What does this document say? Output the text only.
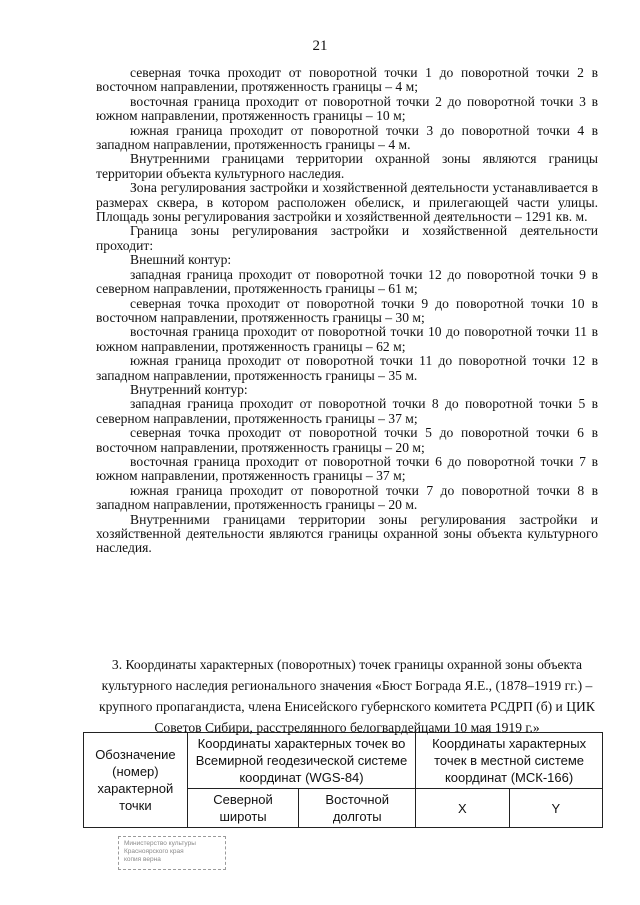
21

северная точка проходит от поворотной точки 1 до поворотной точки 2 в восточном направлении, протяженность границы – 4 м;

восточная граница проходит от поворотной точки 2 до поворотной точки 3 в южном направлении, протяженность границы – 10 м;

южная граница проходит от поворотной точки 3 до поворотной точки 4 в западном направлении, протяженность границы – 4 м.

Внутренними границами территории охранной зоны являются границы территории объекта культурного наследия.

Зона регулирования застройки и хозяйственной деятельности устанавливается в размерах сквера, в котором расположен обелиск, и прилегающей части улицы. Площадь зоны регулирования застройки и хозяйственной деятельности – 1291 кв. м.

Граница зоны регулирования застройки и хозяйственной деятельности проходит:

Внешний контур:

западная граница проходит от поворотной точки 12 до поворотной точки 9 в северном направлении, протяженность границы – 61 м;

северная точка проходит от поворотной точки 9 до поворотной точки 10 в восточном направлении, протяженность границы – 30 м;

восточная граница проходит от поворотной точки 10 до поворотной точки 11 в южном направлении, протяженность границы – 62 м;

южная граница проходит от поворотной точки 11 до поворотной точки 12 в западном направлении, протяженность границы – 35 м.

Внутренний контур:

западная граница проходит от поворотной точки 8 до поворотной точки 5 в северном направлении, протяженность границы – 37 м;

северная точка проходит от поворотной точки 5 до поворотной точки 6 в восточном направлении, протяженность границы – 20 м;

восточная граница проходит от поворотной точки 6 до поворотной точки 7 в южном направлении, протяженность границы – 37 м;

южная граница проходит от поворотной точки 7 до поворотной точки 8 в западном направлении, протяженность границы – 20 м.

Внутренними границами территории зоны регулирования застройки и хозяйственной деятельности являются границы охранной зоны объекта культурного наследия.

3. Координаты характерных (поворотных) точек границы охранной зоны объекта культурного наследия регионального значения «Бюст Бограда Я.Е., (1878–1919 гг.) – крупного пропагандиста, члена Енисейского губернского комитета РСДРП (б) и ЦИК Советов Сибири, расстрелянного белогвардейцами 10 мая 1919 г.»
Обозначение (номер) характерной точки	Координаты характерных точек во Всемирной геодезической системе координат (WGS-84)		Координаты характерных точек в местной системе координат (МСК-166)	
	Северной широты	Восточной долготы	X	Y
Министерство культуры
Красноярского края
копия верна
